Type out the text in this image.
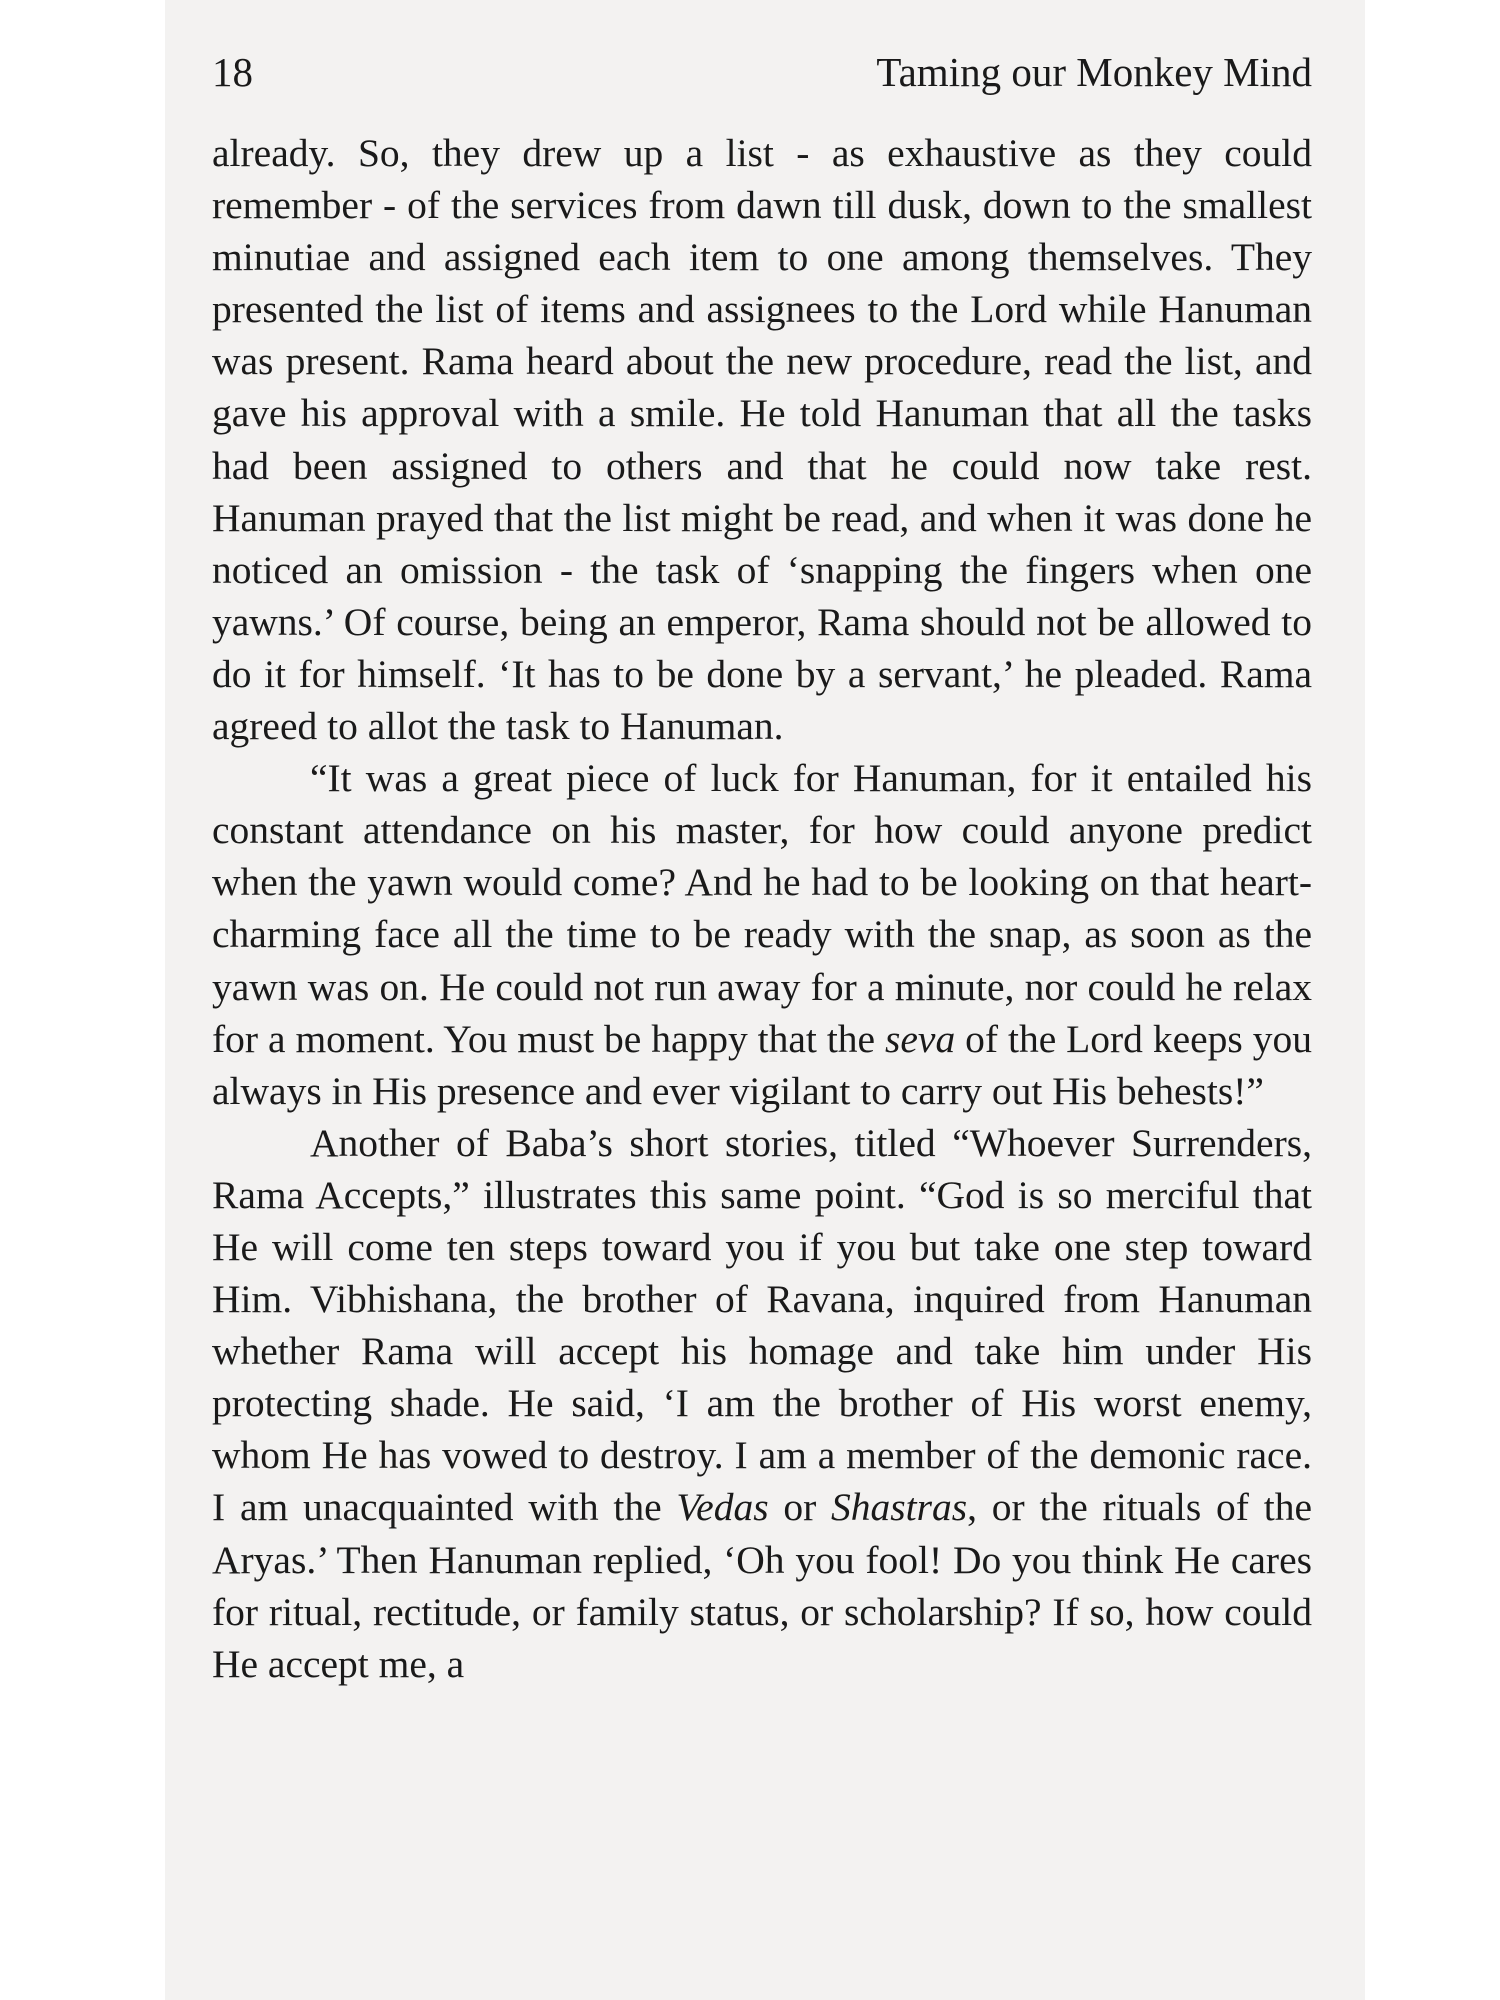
18	Taming our Monkey Mind

already. So, they drew up a list - as exhaustive as they could remember - of the services from dawn till dusk, down to the smallest minutiae and assigned each item to one among themselves. They presented the list of items and assignees to the Lord while Hanuman was present. Rama heard about the new procedure, read the list, and gave his approval with a smile. He told Hanuman that all the tasks had been assigned to others and that he could now take rest. Hanuman prayed that the list might be read, and when it was done he noticed an omission - the task of ‘snapping the fingers when one yawns.’ Of course, being an emperor, Rama should not be allowed to do it for himself. ‘It has to be done by a servant,’ he pleaded. Rama agreed to allot the task to Hanuman.

“It was a great piece of luck for Hanuman, for it entailed his constant attendance on his master, for how could anyone predict when the yawn would come? And he had to be looking on that heart-charming face all the time to be ready with the snap, as soon as the yawn was on. He could not run away for a minute, nor could he relax for a moment. You must be happy that the seva of the Lord keeps you always in His presence and ever vigilant to carry out His behests!”

Another of Baba’s short stories, titled “Whoever Surrenders, Rama Accepts,” illustrates this same point. “God is so merciful that He will come ten steps toward you if you but take one step toward Him. Vibhishana, the brother of Ravana, inquired from Hanuman whether Rama will accept his homage and take him under His protecting shade. He said, ‘I am the brother of His worst enemy, whom He has vowed to destroy. I am a member of the demonic race. I am unacquainted with the Vedas or Shastras, or the rituals of the Aryas.’ Then Hanuman replied, ‘Oh you fool! Do you think He cares for ritual, rectitude, or family status, or scholarship? If so, how could He accept me, a
